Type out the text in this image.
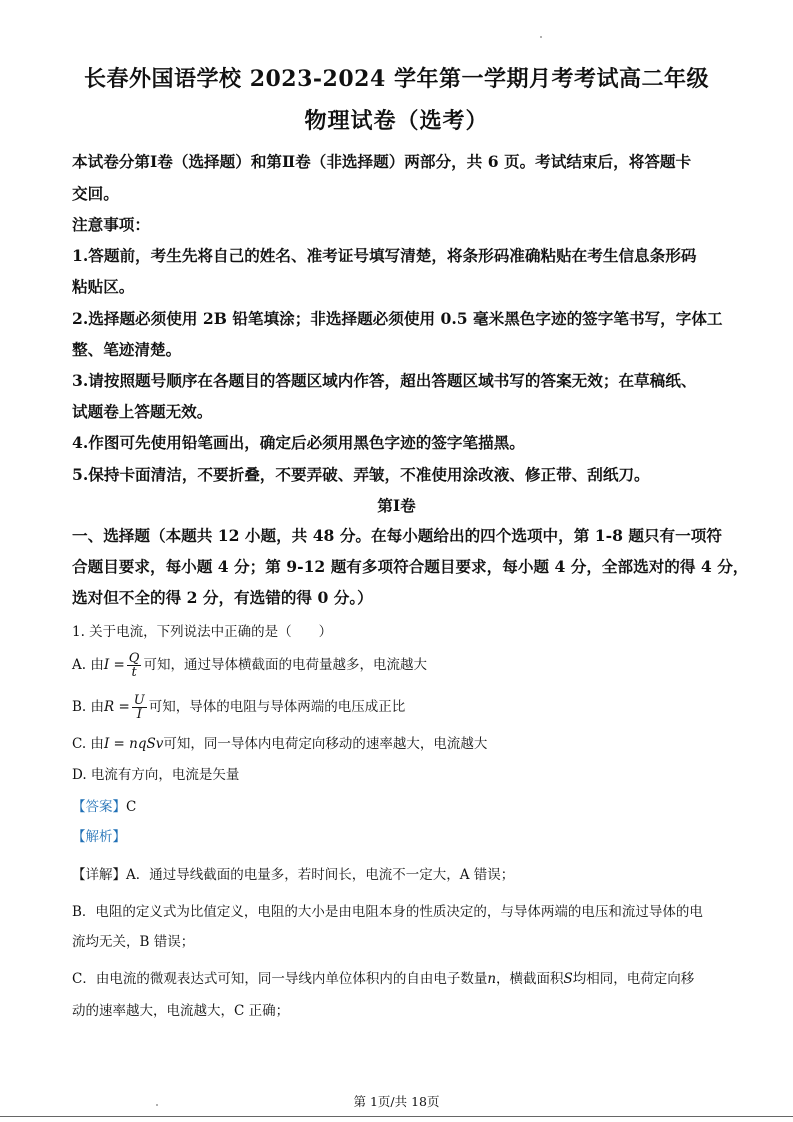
长春外国语学校 2023-2024 学年第一学期月考考试高二年级
物理试卷（选考）
本试卷分第Ⅰ卷（选择题）和第Ⅱ卷（非选择题）两部分，共 6 页。考试结束后，将答题卡
交回。
注意事项：
1.答题前，考生先将自己的姓名、准考证号填写清楚，将条形码准确粘贴在考生信息条形码
粘贴区。
2.选择题必须使用 2B 铅笔填涂；非选择题必须使用 0.5 毫米黑色字迹的签字笔书写，字体工
整、笔迹清楚。
3.请按照题号顺序在各题目的答题区域内作答，超出答题区域书写的答案无效；在草稿纸、
试题卷上答题无效。
4.作图可先使用铅笔画出，确定后必须用黑色字迹的签字笔描黑。
5.保持卡面清洁，不要折叠，不要弄破、弄皱，不准使用涂改液、修正带、刮纸刀。
第Ⅰ卷
一、选择题（本题共 12 小题，共 48 分。在每小题给出的四个选项中，第 1-8 题只有一项符
合题目要求，每小题 4 分；第 9-12 题有多项符合题目要求，每小题 4 分，全部选对的得 4 分，
选对但不全的得 2 分，有选错的得 0 分。）
1. 关于电流，下列说法中正确的是（　　）
A. 由$I = \frac{Q}{t}$ 可知，通过导体横截面的电荷量越多，电流越大
B. 由$R = \frac{U}{I}$ 可知，导体的电阻与导体两端的电压成正比
C. 由I = nqSv可知，同一导体内电荷定向移动的速率越大，电流越大
D. 电流有方向，电流是矢量
【答案】C
【解析】
【详解】A．通过导线截面的电量多，若时间长，电流不一定大，A 错误；
B．电阻的定义式为比值定义，电阻的大小是由电阻本身的性质决定的，与导体两端的电压和流过导体的电
流均无关，B 错误；
C．由电流的微观表达式可知，同一导线内单位体积内的自由电子数量n，横截面积S均相同，电荷定向移
动的速率越大，电流越大，C 正确；
第 1页/共 18页
